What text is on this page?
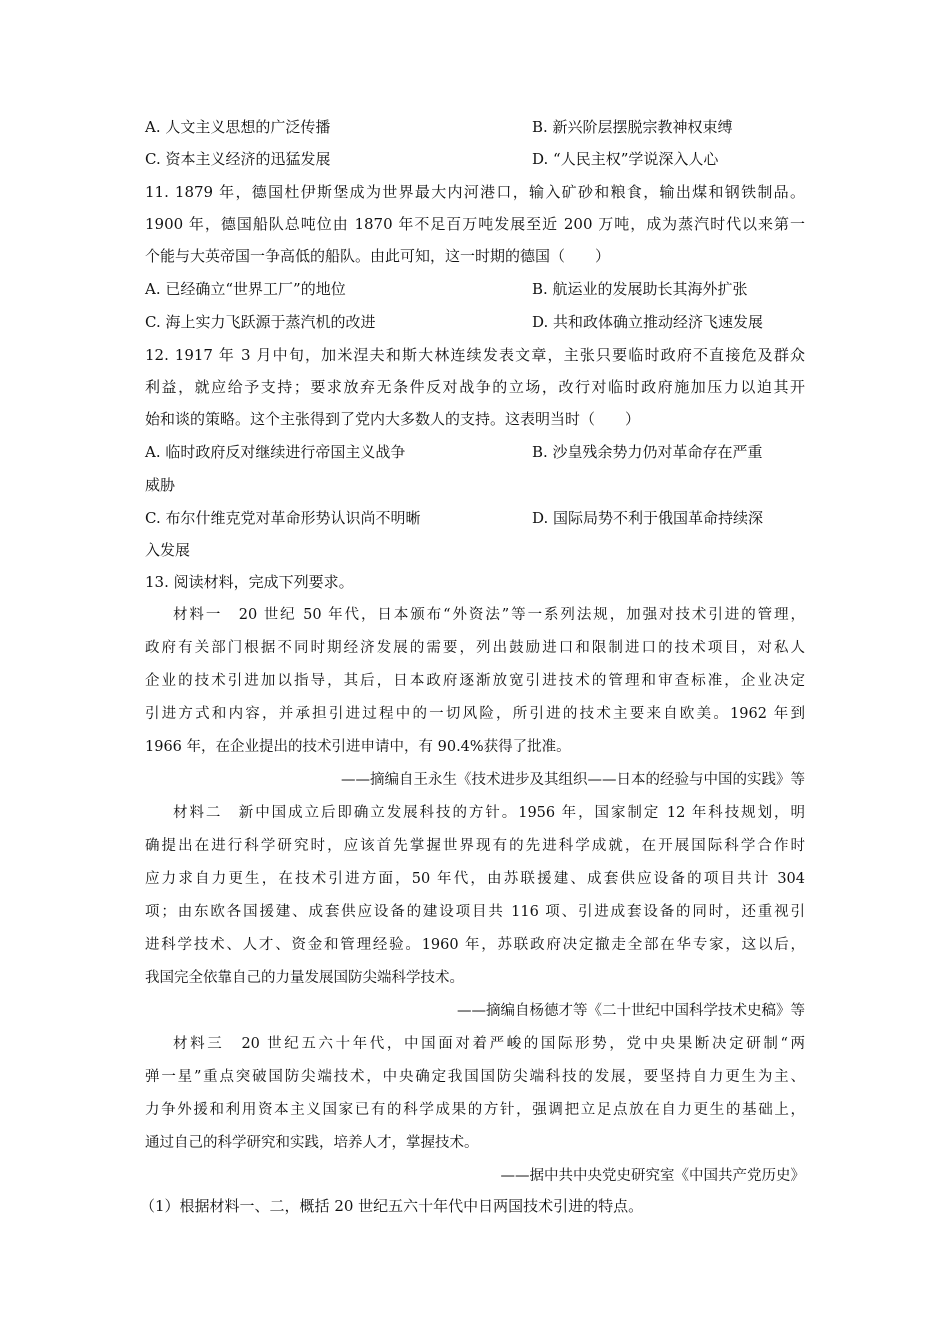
A. 人文主义思想的广泛传播	B. 新兴阶层摆脱宗教神权束缚
C. 资本主义经济的迅猛发展	D. “人民主权”学说深入人心
11. 1879 年，德国杜伊斯堡成为世界最大内河港口，输入矿砂和粮食，输出煤和钢铁制品。
1900 年，德国船队总吨位由 1870 年不足百万吨发展至近 200 万吨，成为蒸汽时代以来第一
个能与大英帝国一争高低的船队。由此可知，这一时期的德国（　　）
A. 已经确立“世界工厂”的地位	B. 航运业的发展助长其海外扩张
C. 海上实力飞跃源于蒸汽机的改进	D. 共和政体确立推动经济飞速发展
12. 1917 年 3 月中旬，加米涅夫和斯大林连续发表文章，主张只要临时政府不直接危及群众
利益，就应给予支持；要求放弃无条件反对战争的立场，改行对临时政府施加压力以迫其开
始和谈的策略。这个主张得到了党内大多数人的支持。这表明当时（　　）
A. 临时政府反对继续进行帝国主义战争	B. 沙皇残余势力仍对革命存在严重
威胁
C. 布尔什维克党对革命形势认识尚不明晰	D. 国际局势不利于俄国革命持续深
入发展
13. 阅读材料，完成下列要求。
材料一　20 世纪 50 年代，日本颁布“外资法”等一系列法规，加强对技术引进的管理，
政府有关部门根据不同时期经济发展的需要，列出鼓励进口和限制进口的技术项目，对私人
企业的技术引进加以指导，其后，日本政府逐渐放宽引进技术的管理和审查标准，企业决定
引进方式和内容，并承担引进过程中的一切风险，所引进的技术主要来自欧美。1962 年到
1966 年，在企业提出的技术引进申请中，有 90.4%获得了批准。
——摘编自王永生《技术进步及其组织——日本的经验与中国的实践》等
材料二　新中国成立后即确立发展科技的方针。1956 年，国家制定 12 年科技规划，明
确提出在进行科学研究时，应该首先掌握世界现有的先进科学成就，在开展国际科学合作时
应力求自力更生，在技术引进方面，50 年代，由苏联援建、成套供应设备的项目共计 304
项；由东欧各国援建、成套供应设备的建设项目共 116 项、引进成套设备的同时，还重视引
进科学技术、人才、资金和管理经验。1960 年，苏联政府决定撤走全部在华专家，这以后，
我国完全依靠自己的力量发展国防尖端科学技术。
——摘编自杨德才等《二十世纪中国科学技术史稿》等
材料三　20 世纪五六十年代，中国面对着严峻的国际形势，党中央果断决定研制“两
弹一星”重点突破国防尖端技术，中央确定我国国防尖端科技的发展，要坚持自力更生为主、
力争外援和利用资本主义国家已有的科学成果的方针，强调把立足点放在自力更生的基础上，
通过自己的科学研究和实践，培养人才，掌握技术。
——据中共中央党史研究室《中国共产党历史》
（1）根据材料一、二，概括 20 世纪五六十年代中日两国技术引进的特点。
